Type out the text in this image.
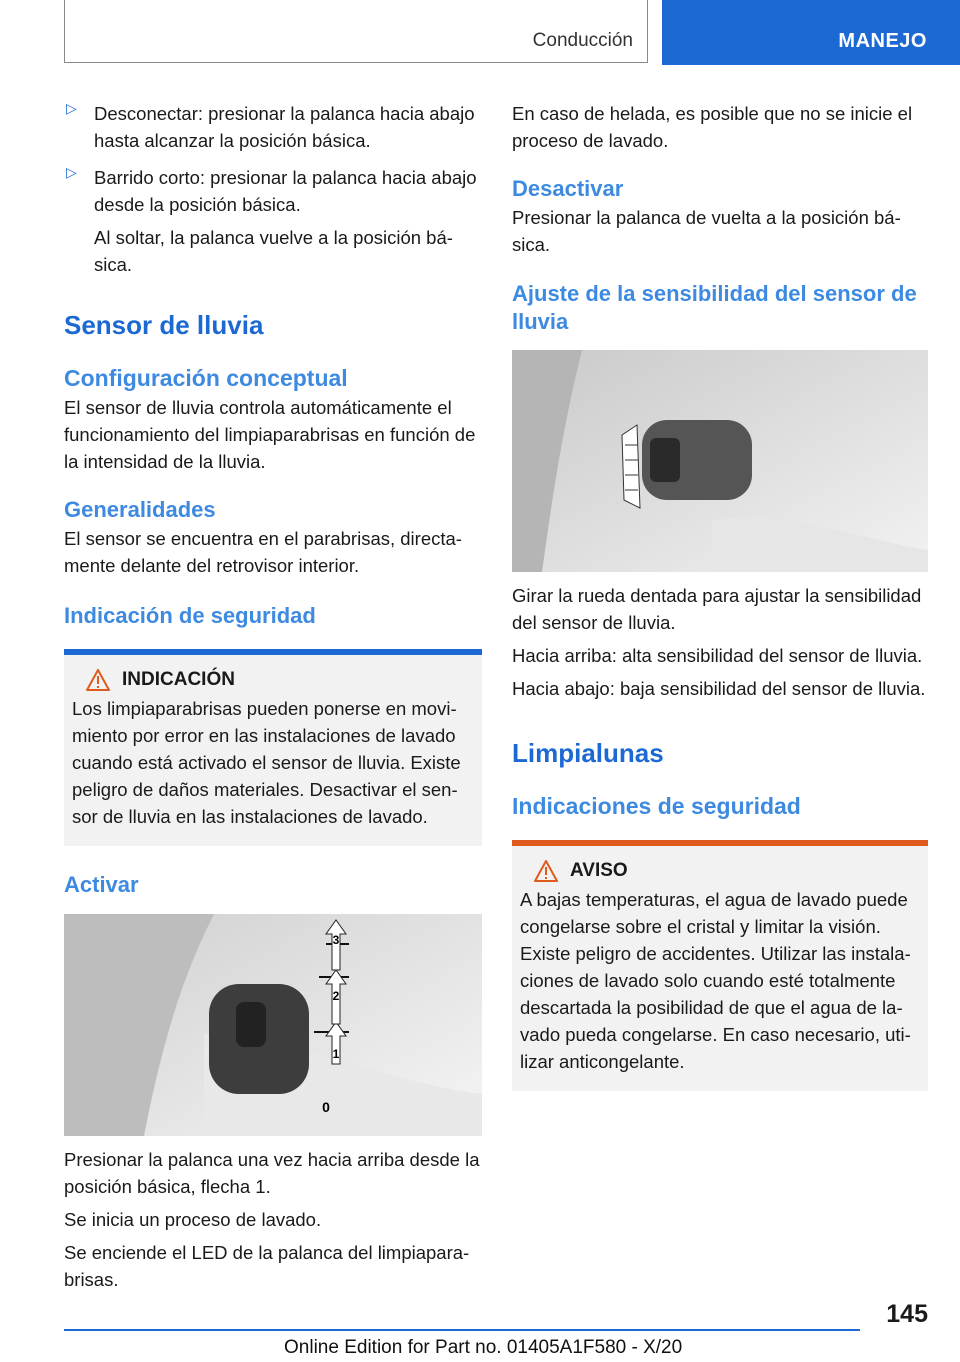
Conducción	MANEJO
▷ Desconectar: presionar la palanca hacia abajo hasta alcanzar la posición básica.

▷ Barrido corto: presionar la palanca hacia abajo desde la posición básica.

Al soltar, la palanca vuelve a la posición bá-sica.

Sensor de lluvia
Configuración conceptual

El sensor de lluvia controla automáticamente el funcionamiento del limpiaparabrisas en función de la intensidad de la lluvia.

Generalidades

El sensor se encuentra en el parabrisas, directa-mente delante del retrovisor interior.

Indicación de seguridad
INDICACIÓN

Los limpiaparabrisas pueden ponerse en movi-miento por error en las instalaciones de lavado cuando está activado el sensor de lluvia. Existe peligro de daños materiales. Desactivar el sen-sor de lluvia en las instalaciones de lavado.

Activar
3
2
1
0

Presionar la palanca una vez hacia arriba desde la posición básica, flecha 1.

Se inicia un proceso de lavado.

Se enciende el LED de la palanca del limpiapara-brisas.

En caso de helada, es posible que no se inicie el proceso de lavado.

Desactivar

Presionar la palanca de vuelta a la posición bá-sica.

Ajuste de la sensibilidad del sensor de lluvia

Girar la rueda dentada para ajustar la sensibilidad del sensor de lluvia.

Hacia arriba: alta sensibilidad del sensor de lluvia.

Hacia abajo: baja sensibilidad del sensor de lluvia.

Limpialunas
Indicaciones de seguridad
AVISO

A bajas temperaturas, el agua de lavado puede congelarse sobre el cristal y limitar la visión. Existe peligro de accidentes. Utilizar las instala-ciones de lavado solo cuando esté totalmente descartada la posibilidad de que el agua de la-vado pueda congelarse. En caso necesario, uti-lizar anticongelante.

145
Online Edition for Part no. 01405A1F580 - X/20
